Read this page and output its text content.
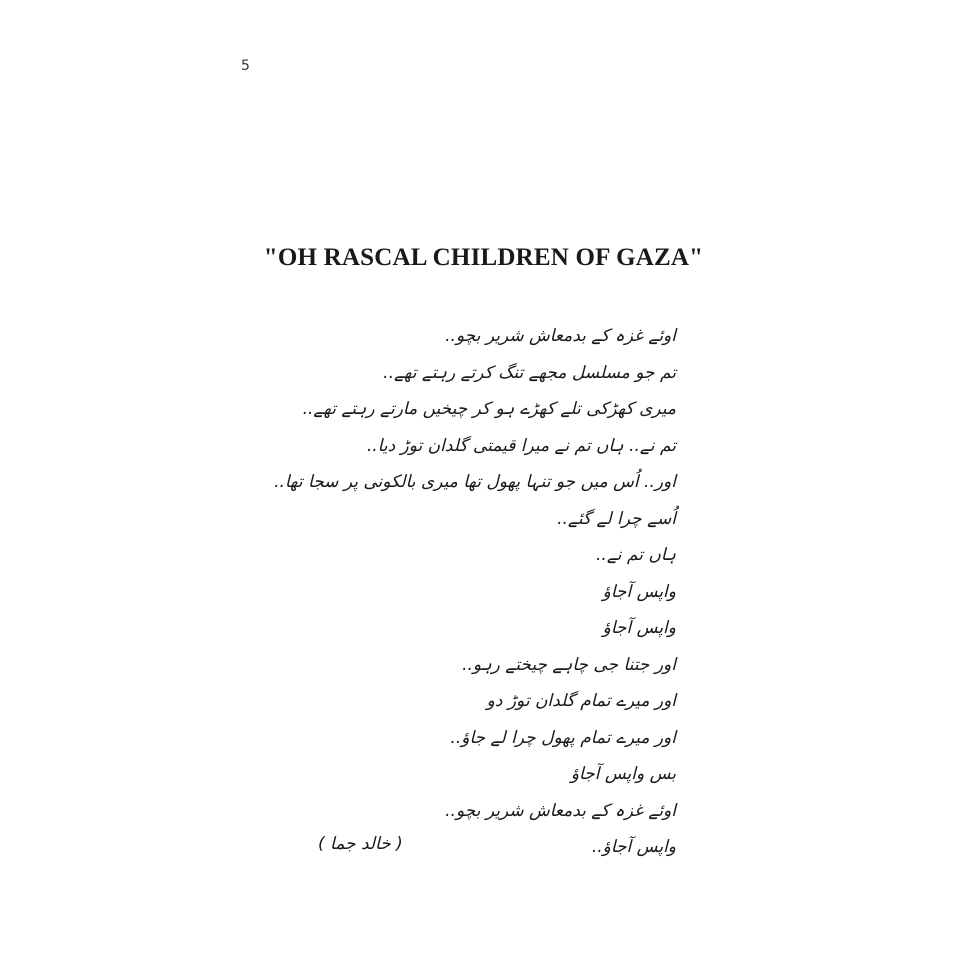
5
"OH RASCAL CHILDREN OF GAZA"
اوئے غزہ کے بدمعاش شریر بچو..
تم جو مسلسل مجھے تنگ کرتے رہتے تھے..
میری کھڑکی تلے کھڑے ہو کر چیخیں مارتے رہتے تھے..
تم نے.. ہاں تم نے میرا قیمتی گلدان توڑ دیا..
اور.. اُس میں جو تنہا پھول تھا میری بالکونی پر سجا تھا..
اُسے چرا لے گئے..
ہاں تم نے..
واپس آجاؤ
واپس آجاؤ
اور جتنا جی چاہے چیختے رہو..
اور میرے تمام گلدان توڑ دو
اور میرے تمام پھول چرا لے جاؤ..
بس واپس آجاؤ
اوئے غزہ کے بدمعاش شریر بچو..
واپس آجاؤ..
( خالد جما )
